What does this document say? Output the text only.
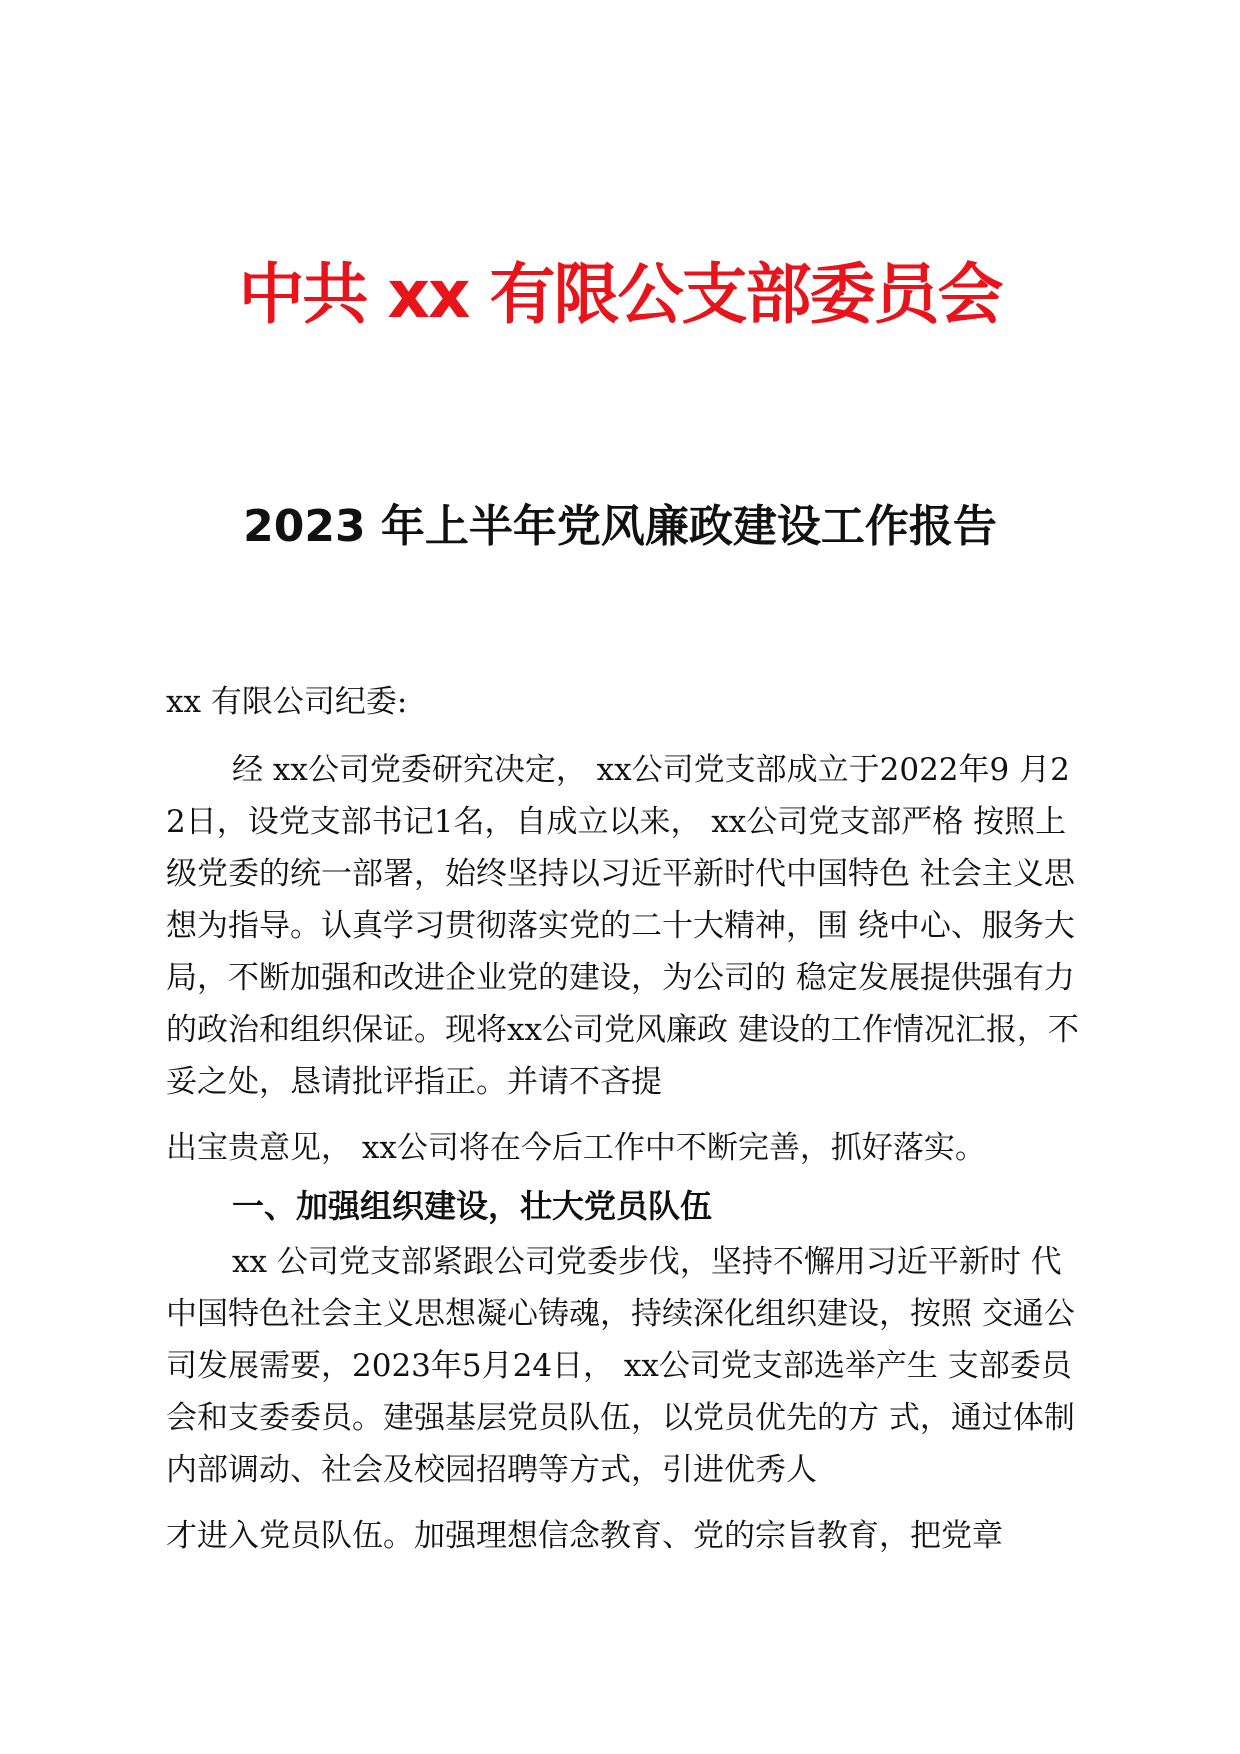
中共 xx 有限公支部委员会
2023 年上半年党风廉政建设工作报告

xx 有限公司纪委:

经 xx公司党委研究决定， xx公司党支部成立于2022年9 月22日，设党支部书记1名，自成立以来， xx公司党支部严格 按照上级党委的统一部署，始终坚持以习近平新时代中国特色 社会主义思想为指导。认真学习贯彻落实党的二十大精神，围 绕中心、服务大局，不断加强和改进企业党的建设，为公司的 稳定发展提供强有力的政治和组织保证。现将xx公司党风廉政 建设的工作情况汇报，不妥之处，恳请批评指正。并请不吝提

出宝贵意见， xx公司将在今后工作中不断完善，抓好落实。

一、加强组织建设，壮大党员队伍

xx 公司党支部紧跟公司党委步伐，坚持不懈用习近平新时 代中国特色社会主义思想凝心铸魂，持续深化组织建设，按照 交通公司发展需要，2023年5月24日， xx公司党支部选举产生 支部委员会和支委委员。建强基层党员队伍，以党员优先的方 式，通过体制内部调动、社会及校园招聘等方式，引进优秀人

才进入党员队伍。加强理想信念教育、党的宗旨教育，把党章
